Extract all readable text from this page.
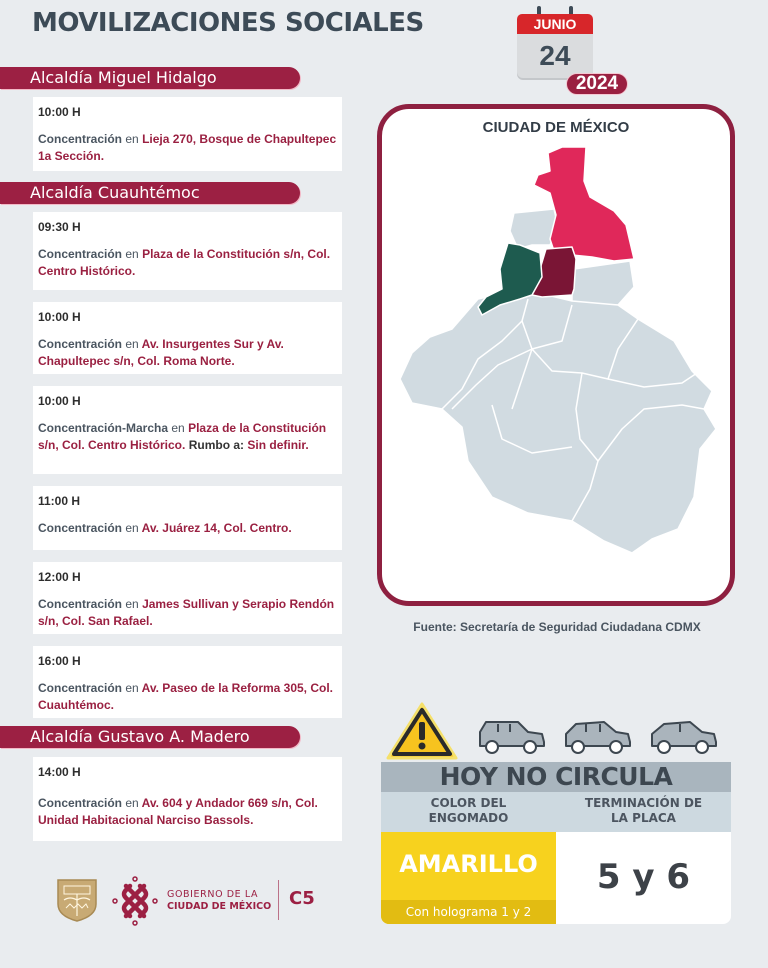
MOVILIZACIONES SOCIALES	JUNIO
24
2024
Alcaldía Miguel Hidalgo
10:00 H
Concentración en Lieja 270, Bosque de Chapultepec 1a Sección.
Alcaldía Cuauhtémoc
09:30 H
Concentración en Plaza de la Constitución s/n, Col. Centro Histórico.
10:00 H
Concentración en Av. Insurgentes Sur y Av. Chapultepec s/n, Col. Roma Norte.
10:00 H
Concentración-Marcha en Plaza de la Constitución s/n, Col. Centro Histórico. Rumbo a: Sin definir.
11:00 H
Concentración en Av. Juárez 14, Col. Centro.
12:00 H
Concentración en James Sullivan y Serapio Rendón s/n, Col. San Rafael.
16:00 H
Concentración en Av. Paseo de la Reforma 305, Col. Cuauhtémoc.
Alcaldía Gustavo A. Madero
14:00 H
Concentración en Av. 604 y Andador 669 s/n, Col. Unidad Habitacional Narciso Bassols.
CIUDAD DE MÉXICO
Fuente: Secretaría de Seguridad Ciudadana CDMX
HOY NO CIRCULA
COLOR DEL
ENGOMADO
TERMINACIÓN DE
LA PLACA
AMARILLO
Con holograma 1 y 2
5 y 6
GOBIERNO DE LA
CIUDAD DE MÉXICO C5
